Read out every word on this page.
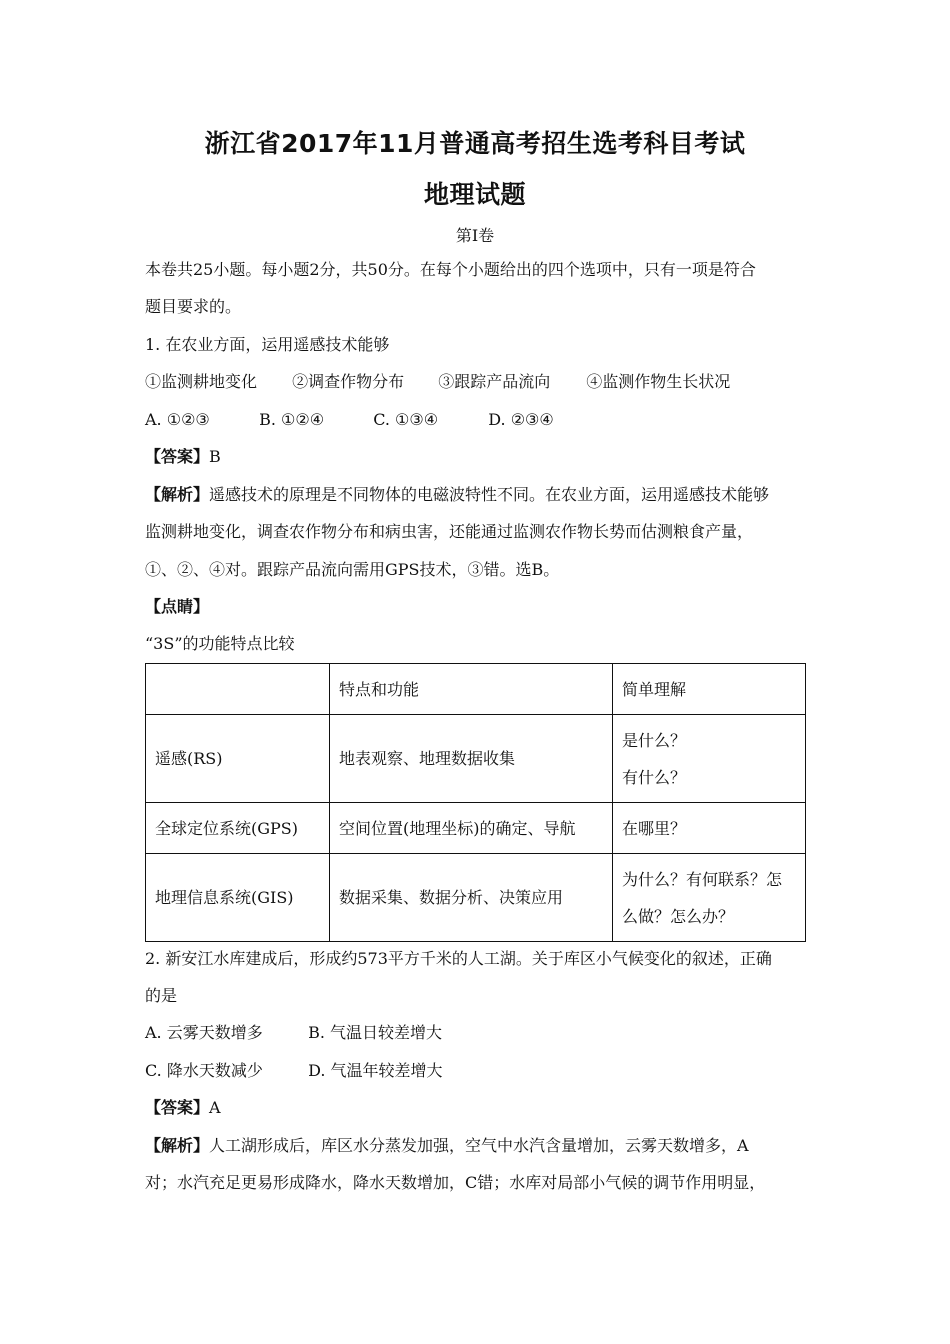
浙江省2017年11月普通高考招生选考科目考试
地理试题
第Ⅰ卷
本卷共25小题。每小题2分，共50分。在每个小题给出的四个选项中，只有一项是符合
题目要求的。
1. 在农业方面，运用遥感技术能够
①监测耕地变化 ②调查作物分布 ③跟踪产品流向 ④监测作物生长状况
A. ①②③	B. ①②④	C. ①③④	D. ②③④
【答案】B
【解析】遥感技术的原理是不同物体的电磁波特性不同。在农业方面，运用遥感技术能够
监测耕地变化，调查农作物分布和病虫害，还能通过监测农作物长势而估测粮食产量，
①、②、④对。跟踪产品流向需用GPS技术，③错。选B。
【点睛】
“3S”的功能特点比较
	特点和功能	简单理解
遥感(RS)	地表观察、地理数据收集	是什么？
有什么？

全球定位系统(GPS)	空间位置(地理坐标)的确定、导航	在哪里？

地理信息系统(GIS)	数据采集、数据分析、决策应用	为什么？有何联系？怎
么做？怎么办？
2. 新安江水库建成后，形成约573平方千米的人工湖。关于库区小气候变化的叙述，正确
的是
A. 云雾天数增多	B. 气温日较差增大
C. 降水天数减少	D. 气温年较差增大
【答案】A
【解析】人工湖形成后，库区水分蒸发加强，空气中水汽含量增加，云雾天数增多，A
对；水汽充足更易形成降水，降水天数增加，C错；水库对局部小气候的调节作用明显，
